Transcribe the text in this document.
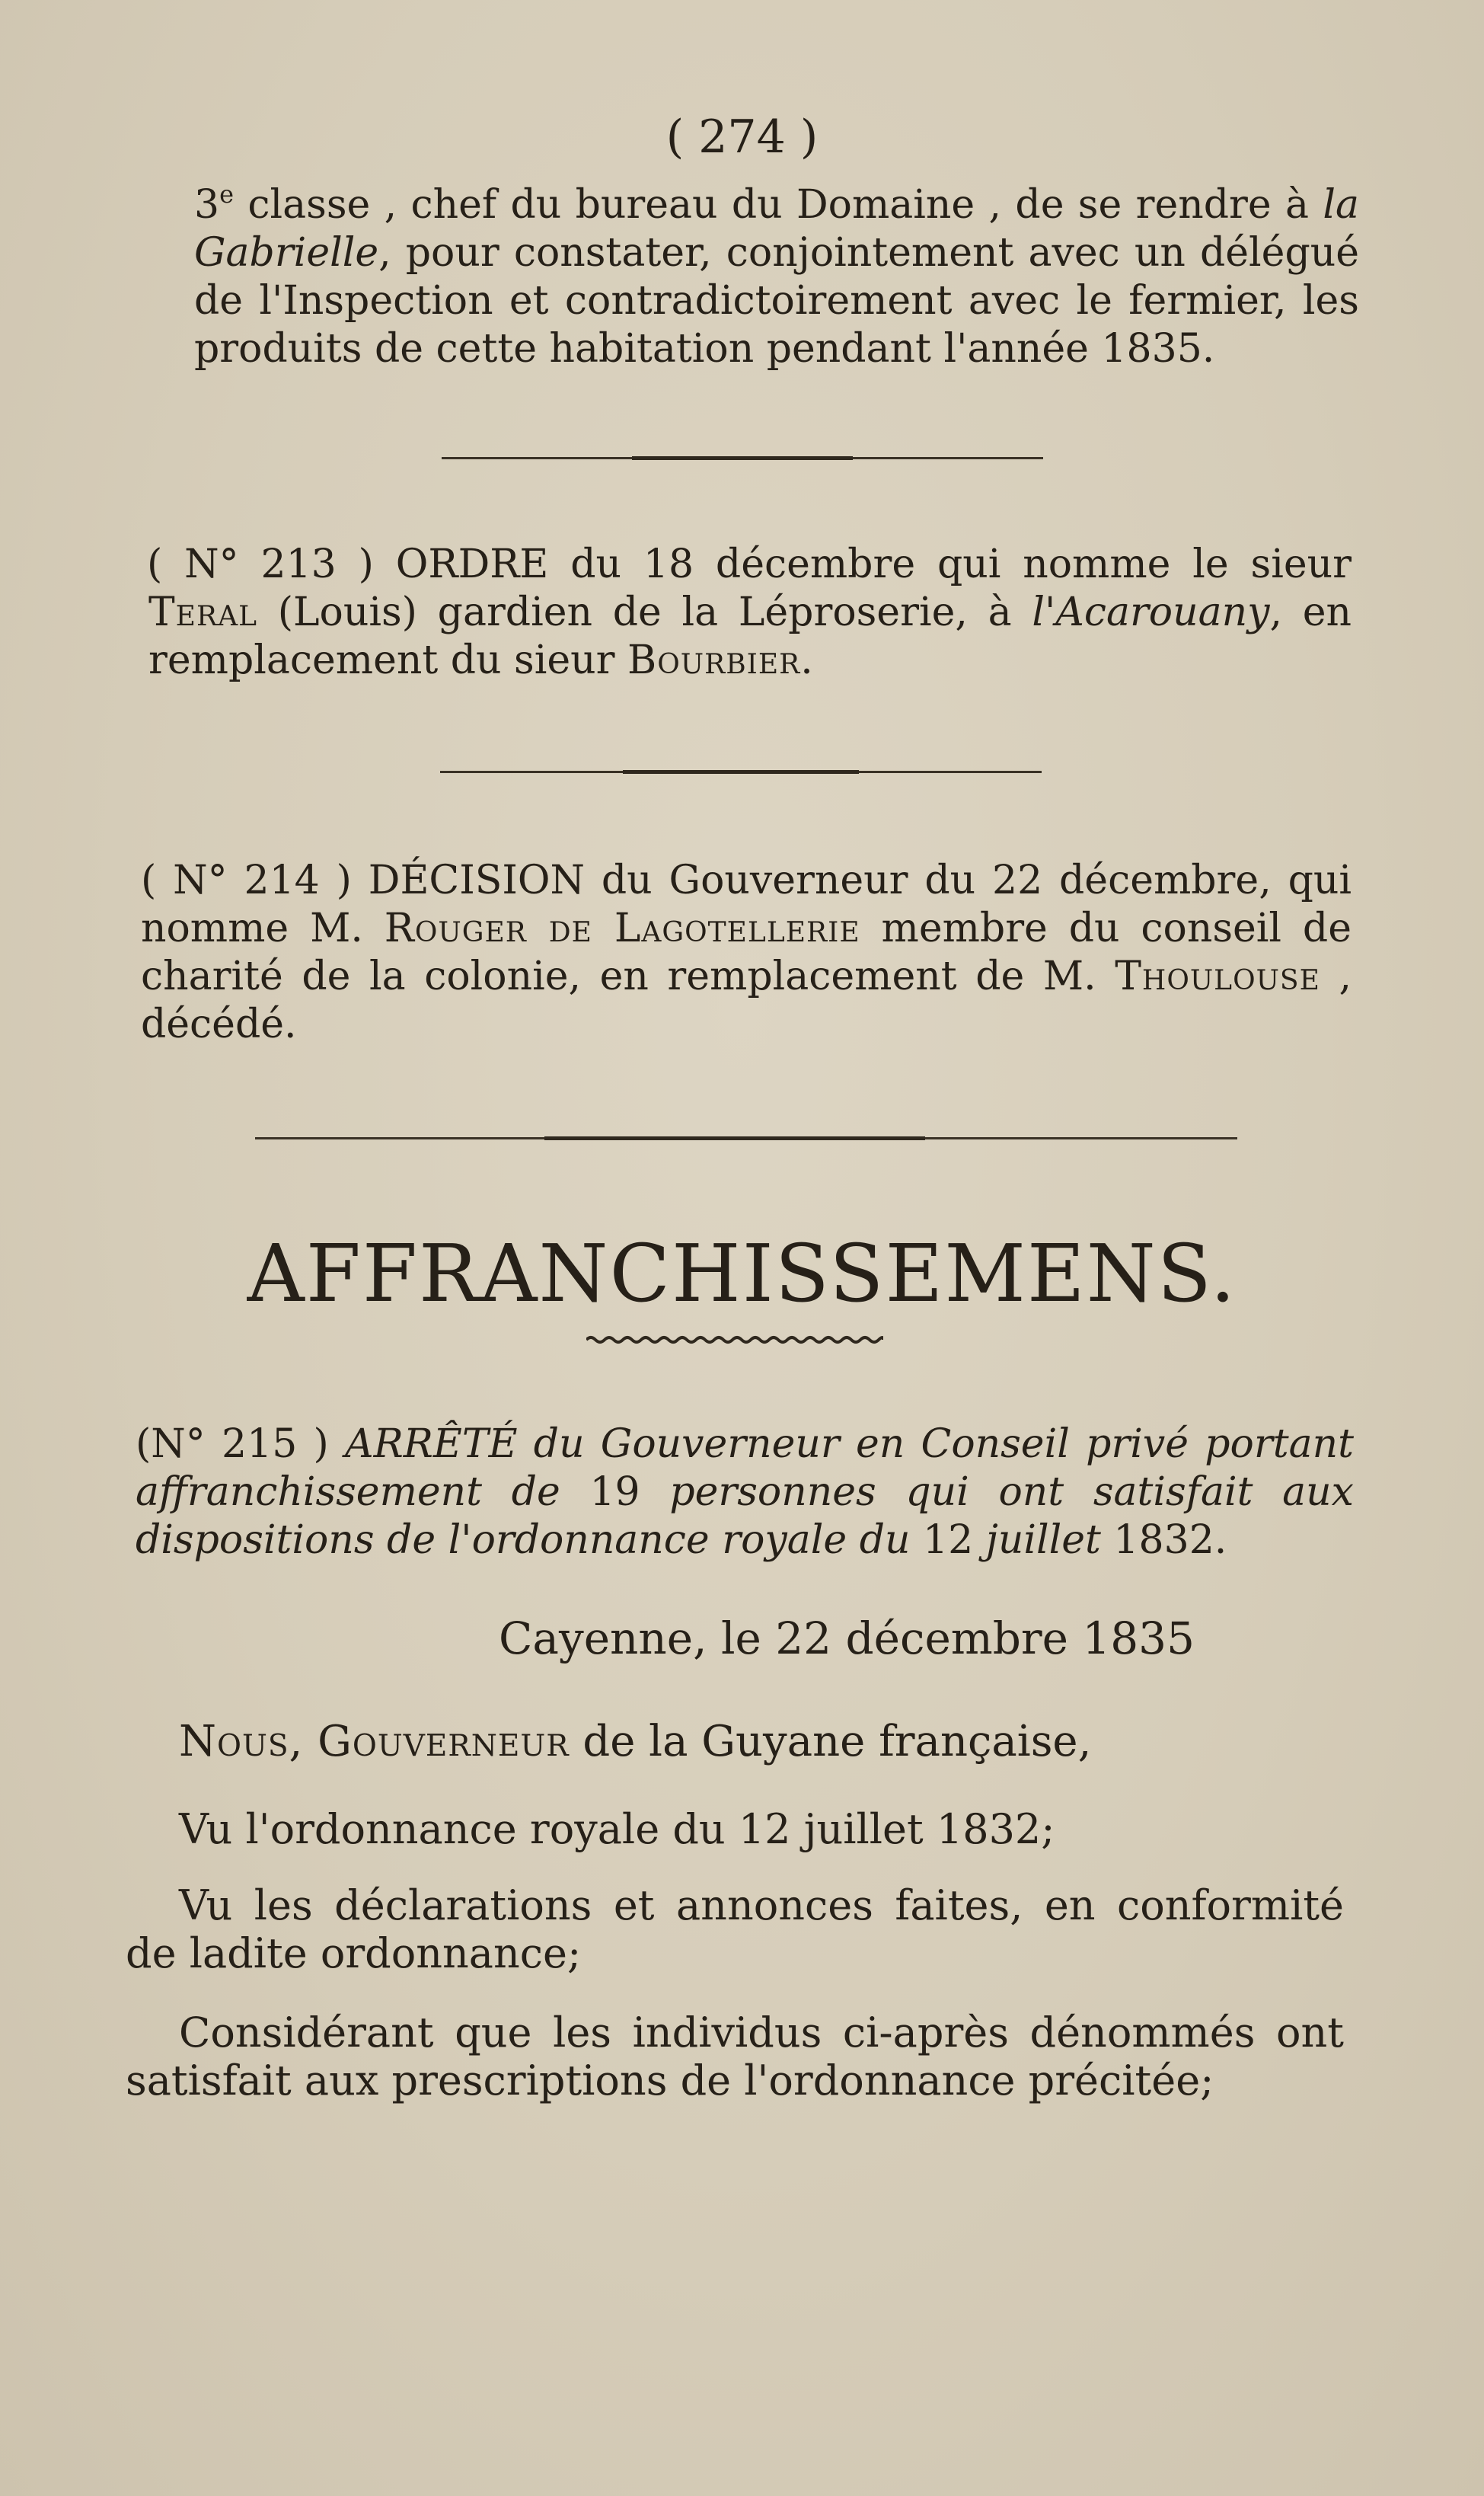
( 274 )

3e classe , chef du bureau du Domaine , de se rendre à la Gabrielle, pour constater, conjointement avec un délégué de l'Inspection et contradictoirement avec le fermier, les produits de cette habitation pendant l'année 1835.

( N° 213 ) ORDRE du 18 décembre qui nomme le sieur Teral (Louis) gardien de la Léproserie, à l'Acarouany, en remplacement du sieur Bourbier.

( N° 214 ) DÉCISION du Gouverneur du 22 décembre, qui nomme M. Rouger de Lagotellerie membre du conseil de charité de la colonie, en remplacement de M. Thoulouse , décédé.

AFFRANCHISSEMENS.

(N° 215 ) ARRÊTÉ du Gouverneur en Conseil privé portant affranchissement de 19 personnes qui ont satisfait aux dispositions de l'ordonnance royale du 12 juillet 1832.

Cayenne, le 22 décembre 1835

Nous, Gouverneur de la Guyane française,

Vu l'ordonnance royale du 12 juillet 1832;

Vu les déclarations et annonces faites, en conformité de ladite ordonnance;

Considérant que les individus ci-après dénommés ont satisfait aux prescriptions de l'ordonnance précitée;
